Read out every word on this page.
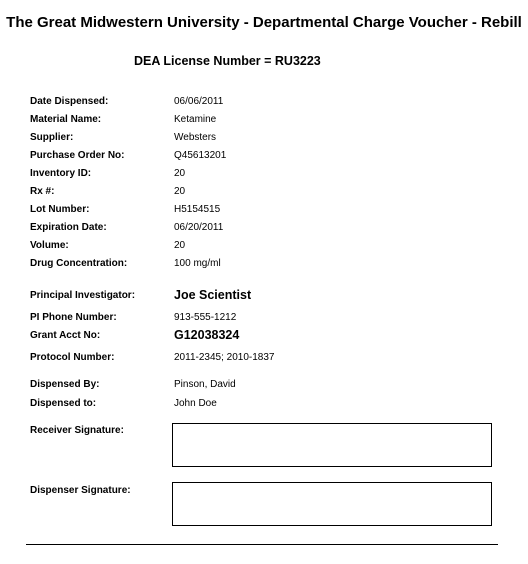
The Great Midwestern University - Departmental Charge Voucher - Rebill
DEA License Number = RU3223
Date Dispensed:	06/06/2011
Material Name:	Ketamine
Supplier:	Websters
Purchase Order No:	Q45613201
Inventory ID:	20
Rx #:	20
Lot Number:	H5154515
Expiration Date:	06/20/2011
Volume:	20
Drug Concentration:	100 mg/ml
Principal Investigator:	Joe Scientist
PI Phone Number:	913-555-1212
Grant Acct No:	G12038324
Protocol Number:	2011-2345; 2010-1837
Dispensed By:	Pinson, David
Dispensed to:	John Doe
Receiver Signature:
Dispenser Signature:
